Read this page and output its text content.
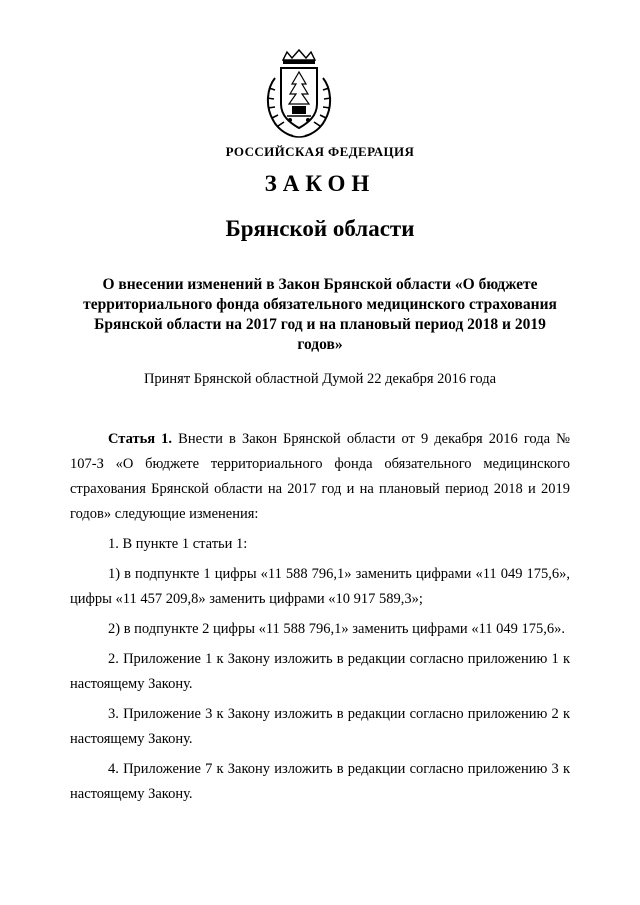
РОССИЙСКАЯ ФЕДЕРАЦИЯ
ЗАКОН
Брянской области
О внесении изменений в Закон Брянской области «О бюджете территориального фонда обязательного медицинского страхования Брянской области на 2017 год и на плановый период 2018 и 2019 годов»
Принят Брянской областной Думой 22 декабря 2016 года

Статья 1. Внести в Закон Брянской области от 9 декабря 2016 года № 107-З «О бюджете территориального фонда обязательного медицинского страхования Брянской области на 2017 год и на плановый период 2018 и 2019 годов» следующие изменения:

1. В пункте 1 статьи 1:

1) в подпункте 1 цифры «11 588 796,1» заменить цифрами «11 049 175,6», цифры «11 457 209,8» заменить цифрами «10 917 589,3»;

2) в подпункте 2 цифры «11 588 796,1» заменить цифрами «11 049 175,6».

2. Приложение 1 к Закону изложить в редакции согласно приложению 1 к настоящему Закону.

3. Приложение 3 к Закону изложить в редакции согласно приложению 2 к настоящему Закону.

4. Приложение 7 к Закону изложить в редакции согласно приложению 3 к настоящему Закону.
